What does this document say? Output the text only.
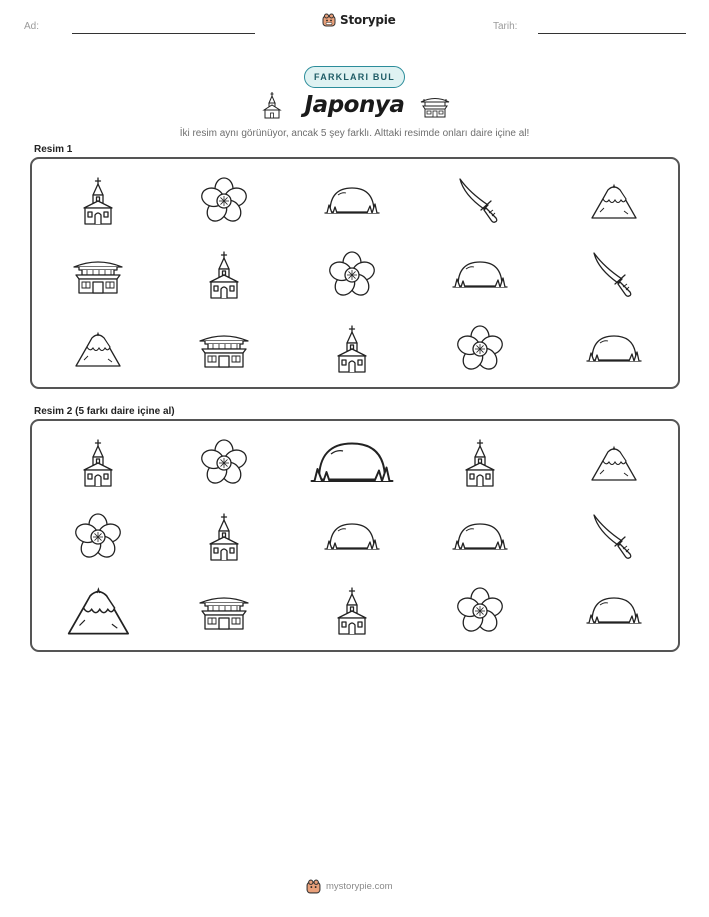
Ad:	Storypie	Tarih:
FARKLARI BUL
Japonya
İki resim aynı görünüyor, ancak 5 şey farklı. Alttaki resimde onları daire içine al!
Resim 1
Resim 2 (5 farkı daire içine al)
mystorypie.com
